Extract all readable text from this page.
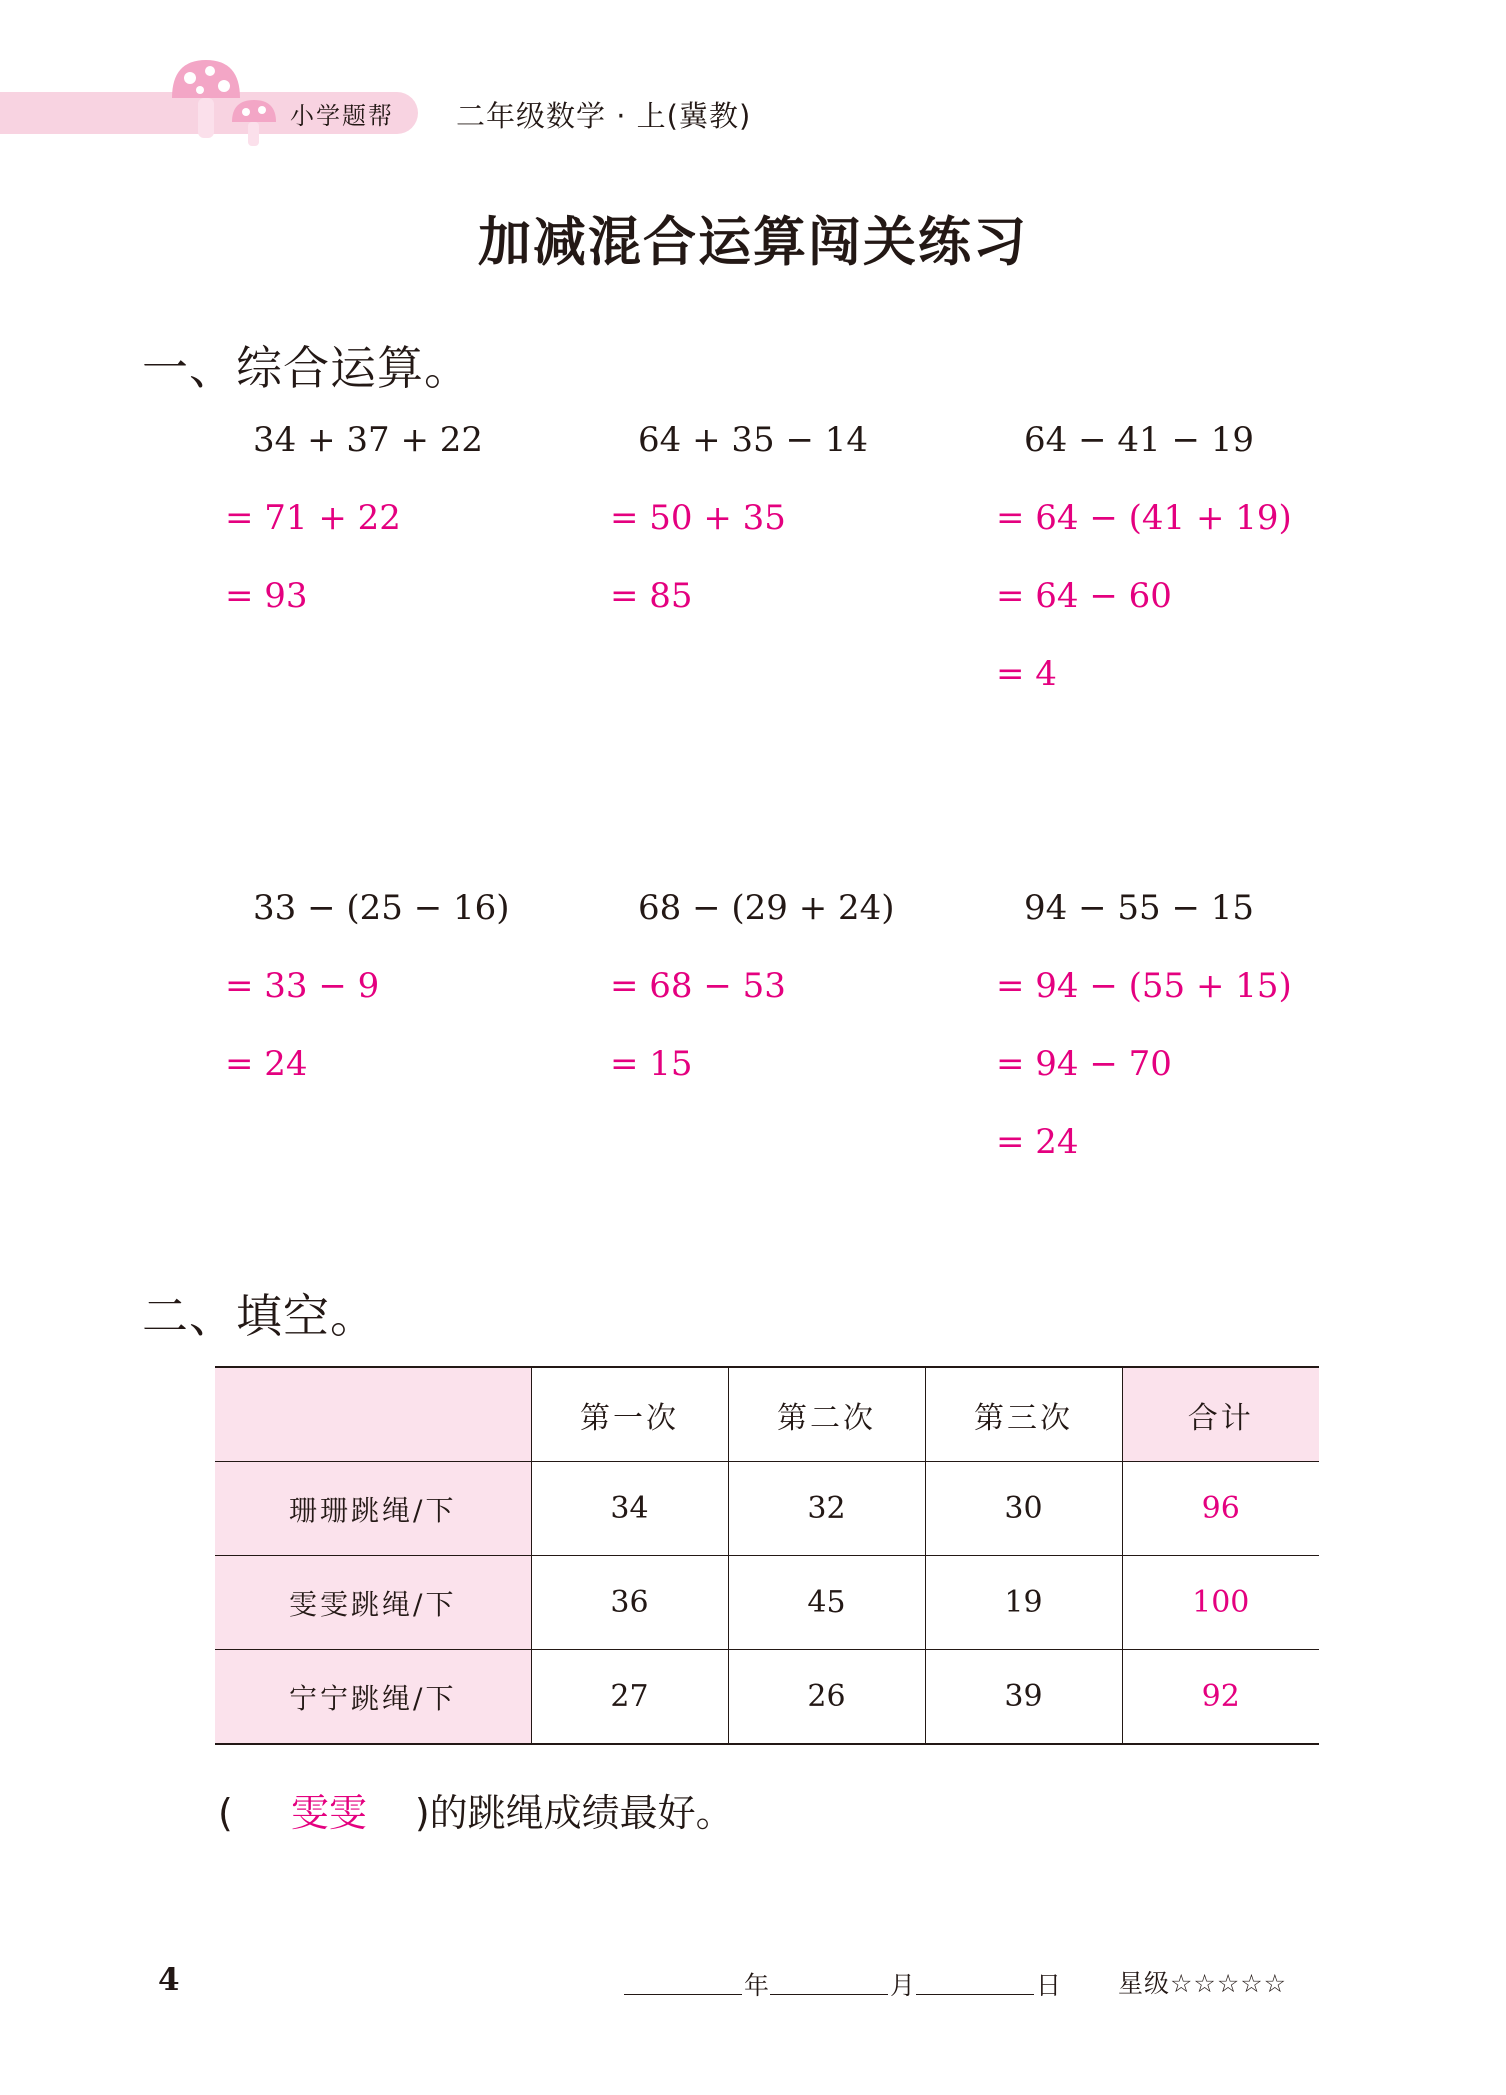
小学题帮 二年级数学 · 上(冀教)
加减混合运算闯关练习
一、综合运算。
34 + 37 + 22
= 71 + 22
= 93
64 + 35 − 14
= 50 + 35
= 85
64 − 41 − 19
= 64 − (41 + 19)
= 64 − 60
= 4
33 − (25 − 16)
= 33 − 9
= 24
68 − (29 + 24)
= 68 − 53
= 15
94 − 55 − 15
= 94 − (55 + 15)
= 94 − 70
= 24
二、填空。
	第一次	第二次	第三次	合计
珊珊跳绳/下	34	32	30	96
雯雯跳绳/下	36	45	19	100
宁宁跳绳/下	27	26	39	92
( 雯雯 )的跳绳成绩最好。
4	年	月	日 星级☆☆☆☆☆
